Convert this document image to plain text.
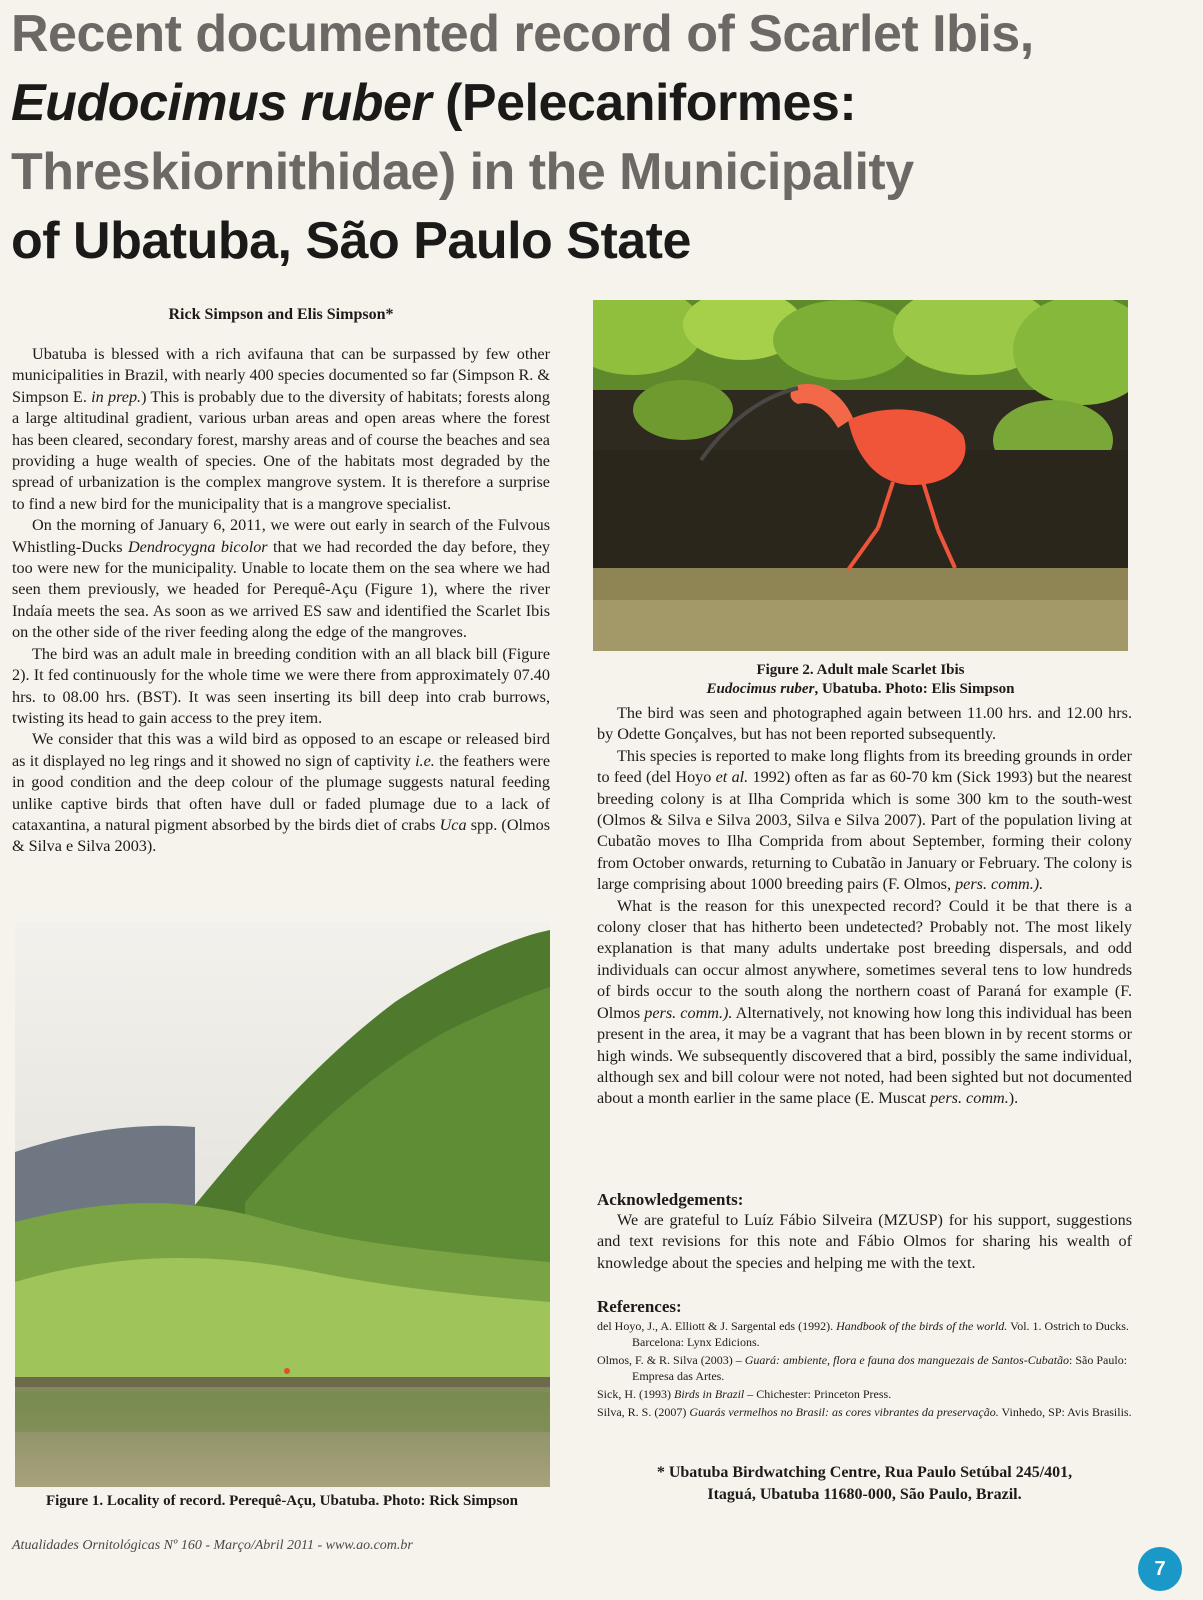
Recent documented record of Scarlet Ibis,
Eudocimus ruber (Pelecaniformes:
Threskiornithidae) in the Municipality
of Ubatuba, São Paulo State
Rick Simpson and Elis Simpson*

Ubatuba is blessed with a rich avifauna that can be surpassed by few other municipalities in Brazil, with nearly 400 species documented so far (Simpson R. & Simpson E. in prep.) This is probably due to the diversity of habitats; forests along a large altitudinal gradient, various urban areas and open areas where the forest has been cleared, secondary forest, marshy areas and of course the beaches and sea providing a huge wealth of species. One of the habitats most degraded by the spread of urbanization is the complex mangrove system. It is therefore a surprise to find a new bird for the municipality that is a mangrove specialist.

On the morning of January 6, 2011, we were out early in search of the Fulvous Whistling-Ducks Dendrocygna bicolor that we had recorded the day before, they too were new for the municipality. Unable to locate them on the sea where we had seen them previously, we headed for Perequê-Açu (Figure 1), where the river Indaía meets the sea. As soon as we arrived ES saw and identified the Scarlet Ibis on the other side of the river feeding along the edge of the mangroves.

The bird was an adult male in breeding condition with an all black bill (Figure 2). It fed continuously for the whole time we were there from approximately 07.40 hrs. to 08.00 hrs. (BST). It was seen inserting its bill deep into crab burrows, twisting its head to gain access to the prey item.

We consider that this was a wild bird as opposed to an escape or released bird as it displayed no leg rings and it showed no sign of captivity i.e. the feathers were in good condition and the deep colour of the plumage suggests natural feeding unlike captive birds that often have dull or faded plumage due to a lack of cataxantina, a natural pigment absorbed by the birds diet of crabs Uca spp. (Olmos & Silva e Silva 2003).

Figure 2. Adult male Scarlet Ibis
Eudocimus ruber, Ubatuba. Photo: Elis Simpson

The bird was seen and photographed again between 11.00 hrs. and 12.00 hrs. by Odette Gonçalves, but has not been reported subsequently.

This species is reported to make long flights from its breeding grounds in order to feed (del Hoyo et al. 1992) often as far as 60-70 km (Sick 1993) but the nearest breeding colony is at Ilha Comprida which is some 300 km to the south-west (Olmos & Silva e Silva 2003, Silva e Silva 2007). Part of the population living at Cubatão moves to Ilha Comprida from about September, forming their colony from October onwards, returning to Cubatão in January or February. The colony is large comprising about 1000 breeding pairs (F. Olmos, pers. comm.).

What is the reason for this unexpected record? Could it be that there is a colony closer that has hitherto been undetected? Probably not. The most likely explanation is that many adults undertake post breeding dispersals, and odd individuals can occur almost anywhere, sometimes several tens to low hundreds of birds occur to the south along the northern coast of Paraná for example (F. Olmos pers. comm.). Alternatively, not knowing how long this individual has been present in the area, it may be a vagrant that has been blown in by recent storms or high winds. We subsequently discovered that a bird, possibly the same individual, although sex and bill colour were not noted, had been sighted but not documented about a month earlier in the same place (E. Muscat pers. comm.).

Acknowledgements:
We are grateful to Luíz Fábio Silveira (MZUSP) for his support, suggestions and text revisions for this note and Fábio Olmos for sharing his wealth of knowledge about the species and helping me with the text.
References:
del Hoyo, J., A. Elliott & J. Sargental eds (1992). Handbook of the birds of the world. Vol. 1. Ostrich to Ducks. Barcelona: Lynx Edicions.
Olmos, F. & R. Silva (2003) – Guará: ambiente, flora e fauna dos manguezais de Santos-Cubatão: São Paulo: Empresa das Artes.
Sick, H. (1993) Birds in Brazil – Chichester: Princeton Press.
Silva, R. S. (2007) Guarás vermelhos no Brasil: as cores vibrantes da preservação. Vinhedo, SP: Avis Brasilis.
* Ubatuba Birdwatching Centre, Rua Paulo Setúbal 245/401,
Itaguá, Ubatuba 11680-000, São Paulo, Brazil.
Figure 1. Locality of record. Perequê-Açu, Ubatuba. Photo: Rick Simpson
Atualidades Ornitológicas Nº 160 - Março/Abril 2011 - www.ao.com.br
7
